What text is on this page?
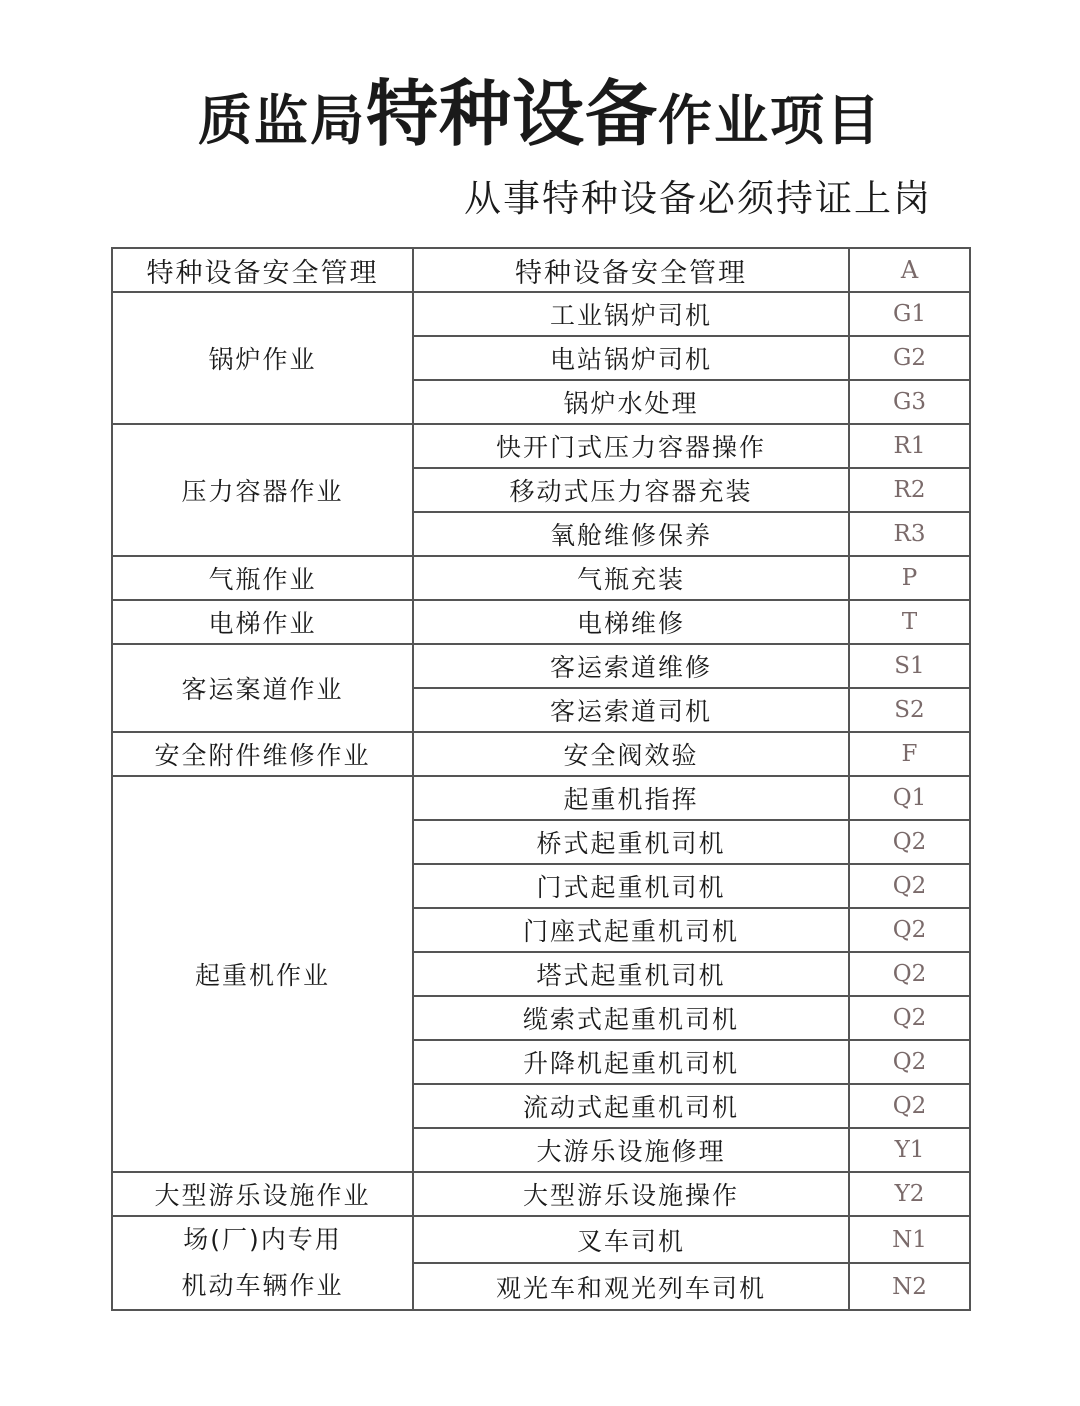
质监局特种设备作业项目
从事特种设备必须持证上岗
特种设备安全管理	特种设备安全管理	A
锅炉作业	工业锅炉司机	G1
	电站锅炉司机	G2
	锅炉水处理	G3
压力容器作业	快开门式压力容器操作	R1
	移动式压力容器充装	R2
	氧舱维修保养	R3
气瓶作业	气瓶充装	P
电梯作业	电梯维修	T
客运案道作业	客运索道维修	S1
	客运索道司机	S2
安全附件维修作业	安全阀效验	F
起重机作业	起重机指挥	Q1
	桥式起重机司机	Q2
	门式起重机司机	Q2
	门座式起重机司机	Q2
	塔式起重机司机	Q2
	缆索式起重机司机	Q2
	升降机起重机司机	Q2
	流动式起重机司机	Q2
	大游乐设施修理	Y1
大型游乐设施作业	大型游乐设施操作	Y2

场(厂)内专用
机动车辆作业	叉车司机	N1
	观光车和观光列车司机	N2
